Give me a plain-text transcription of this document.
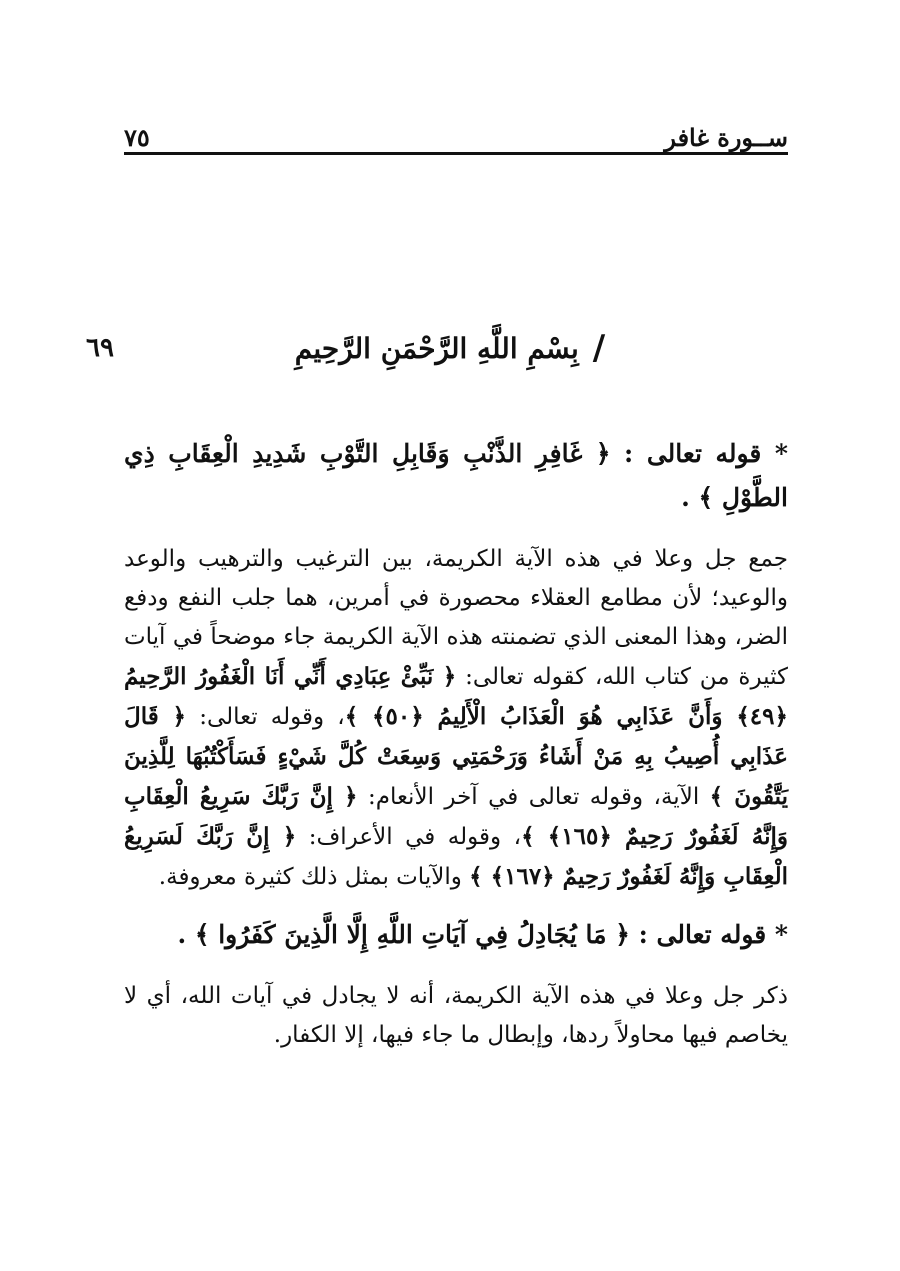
ســورة غافر
٧٥
٦٩	/
بِسْمِ اللَّهِ الرَّحْمَنِ الرَّحِيمِ

* قوله تعالى : ﴿ غَافِرِ الذَّنْبِ وَقَابِلِ التَّوْبِ شَدِيدِ الْعِقَابِ ذِي الطَّوْلِ ﴾ .

جمع جل وعلا في هذه الآية الكريمة، بين الترغيب والترهيب والوعد والوعيد؛ لأن مطامع العقلاء محصورة في أمرين، هما جلب النفع ودفع الضر، وهذا المعنى الذي تضمنته هذه الآية الكريمة جاء موضحاً في آيات كثيرة من كتاب الله، كقوله تعالى: ﴿ نَبِّئْ عِبَادِي أَنِّي أَنَا الْغَفُورُ الرَّحِيمُ ﴿٤٩﴾ وَأَنَّ عَذَابِي هُوَ الْعَذَابُ الْأَلِيمُ ﴿٥٠﴾ ﴾، وقوله تعالى: ﴿ قَالَ عَذَابِي أُصِيبُ بِهِ مَنْ أَشَاءُ وَرَحْمَتِي وَسِعَتْ كُلَّ شَيْءٍ فَسَأَكْتُبُهَا لِلَّذِينَ يَتَّقُونَ ﴾ الآية، وقوله تعالى في آخر الأنعام: ﴿ إِنَّ رَبَّكَ سَرِيعُ الْعِقَابِ وَإِنَّهُ لَغَفُورٌ رَحِيمٌ ﴿١٦٥﴾ ﴾، وقوله في الأعراف: ﴿ إِنَّ رَبَّكَ لَسَرِيعُ الْعِقَابِ وَإِنَّهُ لَغَفُورٌ رَحِيمٌ ﴿١٦٧﴾ ﴾ والآيات بمثل ذلك كثيرة معروفة.

* قوله تعالى : ﴿ مَا يُجَادِلُ فِي آيَاتِ اللَّهِ إِلَّا الَّذِينَ كَفَرُوا ﴾ .

ذكر جل وعلا في هذه الآية الكريمة، أنه لا يجادل في آيات الله، أي لا يخاصم فيها محاولاً ردها، وإبطال ما جاء فيها، إلا الكفار.
